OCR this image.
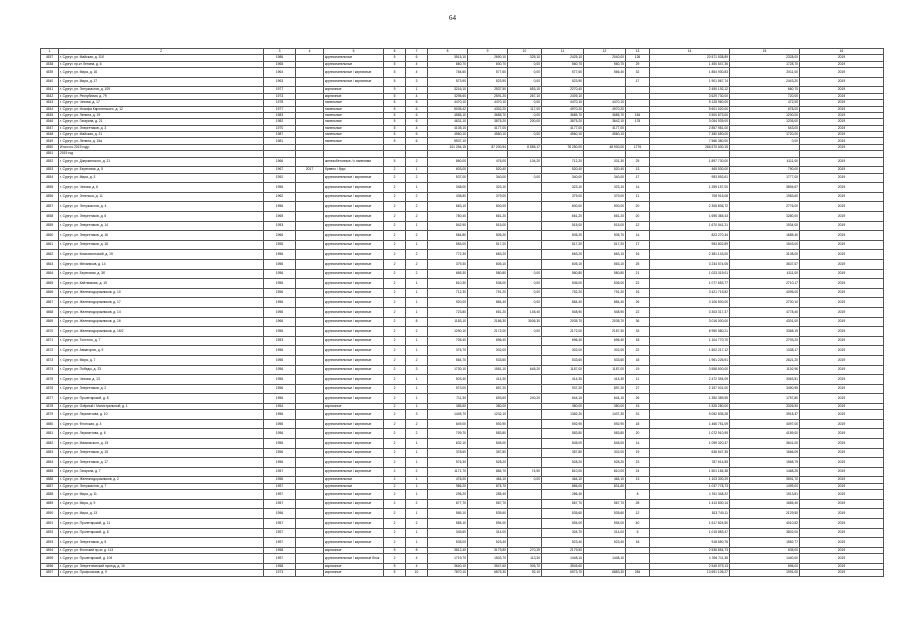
64
1	2	3	4	5	6	7	8	9	10	11	12	13	14	15	16
4537	г. Сургут, ул. Майская, д. 11б	1986		крупнопанельные	5	6	3515,10	2690,10	325,10	2425,10	2040,00	126	20 571 538,89	2328,00	2019
4538	г. Сургут, пр-кт Ленина, д. 6	1965		крупнопанельные	5	4	860,70	600,70	0,00	560,70	560,70	29	1 450 647,36	1728,70	2019
4539	г. Сургут, ул. Мира, д. 16	1964		крупнопанельные / кирпичные	5	4	784,60	577,60	0,00	577,60	566,40	32	1 854 930,83	2011,00	2019
4540	г. Сургут, ул. Мира, д. 17	1963		крупнопанельные / кирпичные	5	3	573,90	523,90	0,00	523,90		17	1 901 567,74	2443,20	2019
4541	г. Сургут, ул. Энтузиастов, д. 109	1977		кирпичные	9	1	3216,10	2537,50	653,10	2270,40			2 450 192,12	660,70	2019
4542	г. Сургут, ул. Республики, д. 79	1973		кирпичные	5	4	3295,60	2591,20	267,10	2409,10			3 629 730,00	720,00	2019
4543	г. Сургут, ул. Чехова, д. 17	1978		панельные	5	6	4470,10	4470,10	0,00	4470,10	4470,10		5 125 960,00	472,00	2019
4544	г. Сургут, ул. Иосифа Каролинского, д. 12	1977		панельные	5	6	5035,42	4302,20	117,00	4970,20	4970,20		5 601 020,00	678,00	2019
4545	г. Сургут, ул. Ленина, д. 19	1983		панельные	5	6	4585,10	3685,70	0,00	3685,70	3685,70	184	3 500 873,00	1200,00	2019
4546	г. Сургут, ул. Гагарина, д. 21	1982		панельные	5	6	4631,10	3875,20	200,00	3875,20	3642,10	178	3 054 939,00	1205,00	2019
4547	г. Сургут, ул. Энергетиков, д. 3	1970		панельные	5	4	4105,10	4177,00		4177,00	4177,00		2 857 981,00	543,00	2019
4548	г. Сургут, ул. Майская, д. 21	1987		панельные	5	6	4560,10	4560,10	0,00	4560,10	4560,10		7 480 650,00	1720,00	2019
4549	г. Сургут, ул. Ленина, д. 15а	1981		панельные	5	6	5537,10						7 566 380,00	0,00	2019
4550	Итого по 2019 году:						101 264,15	87 200,54	8 555,17	78 250,00	48 930,00	1776	266 570 630,15		2019
4551	2019 год														
4552	г. Сургут, ул. Дзержинского, д. 21	1966		железобетонные / с панелями	5	2	860,00	476,00	104,20	712,20	331,30	25	1 897 730,00	4111,00	2019
4553	г. Сургут, ул. Береговая, д. 5	1967	2017	бревно / брус	2	1	603,00	520,40		520,40	520,40	13	465 530,00	790,00	2019
4554	г. Сургут, ул. Мира, д. 3	1952		крупнопанельные / кирпичные	2	2	537,00	340,00	0,00	340,00	340,00	17	953 592,61	1777,00	2019
4555	г. Сургут, ул. Чехова, д. 6	1956		крупнопанельные / кирпичные	2	1	348,00	323,10		323,10	323,10	14	1 259 157,00	3894,67	2019
4556	г. Сургут, ул. Энгельса, д. 11	1962		крупнопанельные / кирпичные	2	2	408,80	379,00		379,00	379,00	11	708 915,08	1983,60	2019
4557	г. Сургут, ул. Энтузиастов, д. 4	1956		крупнопанельные / кирпичные	2	2	663,10	600,00		600,00	500,00	20	2 305 836,72	2776,00	2019
4558	г. Сургут, ул. Энергетиков, д. 6	1965		крупнопанельные / кирпичные	2	2	760,40	661,20		661,20	661,20	20	1 695 365,43	3280,00	2019
4559	г. Сургут, ул. Энергетиков, д. 14	1953		крупнопанельные / кирпичные	2	1	542,90	515,00		515,00	515,00	12	1 670 541,21	1934,00	2019
4560	г. Сургут, ул. Энергетиков, д. 16	1966		крупнопанельные / кирпичные	2	2	564,80	505,20		505,20	505,70	14	823 270,34	1685,40	2019
4561	г. Сургут, ул. Энергетиков, д. 18	1955		крупнопанельные / кирпичные	2	1	583,00	517,20		517,20	517,20	17	953 802,89	1543,00	2019
4562	г. Сургут, ул. Комсомольский, д. 19	1956		крупнопанельные / кирпичные	2	2	772,30	663,20		663,20	663,10	16	2 381 143,00	3108,00	2019
4563	г. Сургут, ул. Механиков, д. 14	1956		крупнопанельные / кирпичные	2	2	379,30	605,10		605,10	563,10	25	3 234 574,05	3637,57	2019
4564	г. Сургут, ул. Береговая, д. 3б	1956		крупнопанельные / кирпичные	2	2	665,30	580,80	0,00	580,80	580,80	21	1 023 319,01	4111,00	2019
4565	г. Сургут, ул. Кайтмазова, д. 19	1956		крупнопанельные / кирпичные	2	1	610,30	536,00	0,00	536,00	536,00	22	1 077 653,77	2710,17	2019
4566	г. Сургут, ул. Железнодорожников, д. 10	1956		крупнопанельные / кирпичные	2	1	712,30	791,20	0,00	752,20	791,20	16	3 421 715,82	4095,00	2019
4567	г. Сургут, ул. Железнодорожников, д. 17	1956		крупнопанельные / кирпичные	2	1	920,00	884,40	0,00	884,40	884,40	26	3 106 500,00	2700,10	2019
4568	г. Сургут, ул. Железнодорожников, д. 14	1956		крупнопанельные / кирпичные	2	1	723,80	651,20	145,40	548,90	548,90	22	3 303 317,37	4778,40	2019
4569	г. Сургут, ул. Железнодорожников, д. 16	1966		крупнопанельные / кирпичные	2	8	1183,10	2186,30	3006,30	2035,70	2035,70	36	3 016 000,00	4301,00	2019
4570	г. Сургут, ул. Железнодорожников, д. 16/2	1956		крупнопанельные / кирпичные	2	2	1290,10	2172,00	0,00	2172,00	2157,30	33	6 990 580,21	3358,19	2019
4571	г. Сургут, ул. Толстого, д. 7	1953		крупнопанельные / кирпичные	2	1	705,40	696,40		696,40	696,40	18	1 104 770,70	2793,20	2019
4572	г. Сургут, ул. Авиаторов, д. 9	1956		крупнопанельные / кирпичные	2	1	376,70	302,00		302,00	302,00	22	1 502 217,12	1338,17	2019
4573	г. Сургут, ул. Мира, д. 7	1956		крупнопанельные / кирпичные	2	2	564,70	533,60		533,60	533,60	18	1 961 226,91	2621,20	2019
4574	г. Сургут, ул. Победы, д. 23	1956		крупнопанельные / кирпичные	2	3	1730,10	1581,10	645,20	1187,00	1187,00	19	3 558 500,00	1192,96	2019
4575	г. Сургут, ул. Чехова, д. 13	1956		крупнопанельные / кирпичные	2	1	503,40	414,30		414,30	414,30	11	2 472 394,09	3063,51	2019
4576	г. Сургут, ул. Энергетиков, д. 2	1956		крупнопанельные / кирпичные	2	1	973,00	897,20		937,20	897,20	27	2 157 001,00	3490,95	2019
4577	г. Сургут, ул. Пролетарский, д. 8	1956		крупнопанельные / кирпичные	2	1	711,30	693,60	240,20	644,10	644,10	26	1 350 389,95	1757,80	2019
4578	г. Сургут, ул. Озёрный / Магистральный, д. 1	1954		кирпичные	2	1	385,60	380,00		380,00	380,00	15	1 525 280,00	3326,50	2019
4579	г. Сургут, ул. Лермонтова, д. 10	1956		крупнопанельные / кирпичные	2	3	1445,70	1232,10		1382,20	1437,30	31	5 052 835,28	3918,37	2019
4580	г. Сургут, ул. Флотская, д. 4	1956		крупнопанельные / кирпичные	2	2	649,00	592,90		592,90	592,90	18	1 466 751,09	4097,00	2019
4581	г. Сургут, ул. Лермонтова, д. 6	1956		крупнопанельные / кирпичные	2	2	709,70	583,80		583,80	583,80	20	1 072 910,95	4189,00	2019
4582	г. Сургут, ул. Маяковского, д. 15	1956		крупнопанельные / кирпичные	2	1	632,10	545,00		545,00	545,00	14	1 099 320,37	3641,00	2019
4583	г. Сургут, ул. Энергетиков, д. 15	1956		крупнопанельные / кирпичные	2	1	378,60	357,80		357,80	302,00	19	638 547,35	1666,09	2019
4584	г. Сургут, ул. Энергетиков, д. 17	1956		крупнопанельные / кирпичные	2	1	576,30	528,20		528,20	528,20	23	787 614,55	1568,79	2019
4585	г. Сургут, ул. Гагарина, д. 7	1957		крупнопанельные / кирпичные	2	2	1171,70	884,70	74,50	810,00	810,00	24	1 501 184,38	1468,25	2019
4586	г. Сургут, ул. Железнодорожников, д. 2	1956		крупнопанельные	2	1	476,00	464,10	0,00	464,10	464,10	13	1 103 300,29	3591,70	2019
4587	г. Сургут, ул. Энтузиастов, д. 7	1957		крупнопанельные	2	1	986,20	875,70		886,00	831,60		1 037 778,73	1499,00	2019
4588	г. Сургут, ул. Мира, д. 11	1957		крупнопанельные / кирпичные	2	1	295,20	285,40		286,40		8	1 911 348,22	1913,81	2019
4589	г. Сургут, ул. Мира, д. 9	1957		крупнопанельные / кирпичные	2	2	677,70	567,70		567,70	567,70	28	1 413 830,14	1665,40	2019
4590	г. Сургут, ул. Мира, д. 13	1956		крупнопанельные / кирпичные	2	1	565,10	535,60		535,60	535,60	12	813 740,11	2129,50	2019
4591	г. Сургут, ул. Пролетарский, д. 11	1957		крупнопанельные / кирпичные	2	2	585,10	594,00		594,00	594,00	40	1 617 824,50	4010,52	2019
4592	г. Сургут, ул. Пролетарский, д. 8	1957		крупнопанельные / кирпичные	2	1	349,60	314,00		304,70	314,00	6	1 015 883,47	3802,00	2019
4593	г. Сургут, ул. Энергетиков, д. 5	1957		крупнопанельные / кирпичные	2	1	535,00	523,40		523,40	523,40	18	918 650,75	1582,77	2019
4594	г. Сургут, ул. Флотский пр-кт, д. 113	1958		кирпичные	5	8	3812,40	3179,80	270,25	2179,50			2 536 854,73	635,00	2019
4595	г. Сургут, ул. Пролетарский, д. 104	1957		крупнопанельные / кирпичные блок	2	4	1719,70	1503,70	113,30	1448,10	1448,10		1 394 711,35	1440,00	2019
4596	г. Сургут, ул. Энергетический проезд, д. 10	1958		кирпичные	5	4	3640,10	3547,60	305,70	3545,60			2 545 579,13	896,00	2019
4597	г. Сургут, ул. Профсоюзов, д. 9	1973		кирпичные	5	10	7870,10	6875,30	92,10	6973,70	6883,30	284	13 691 106,27	1991,00	2019
